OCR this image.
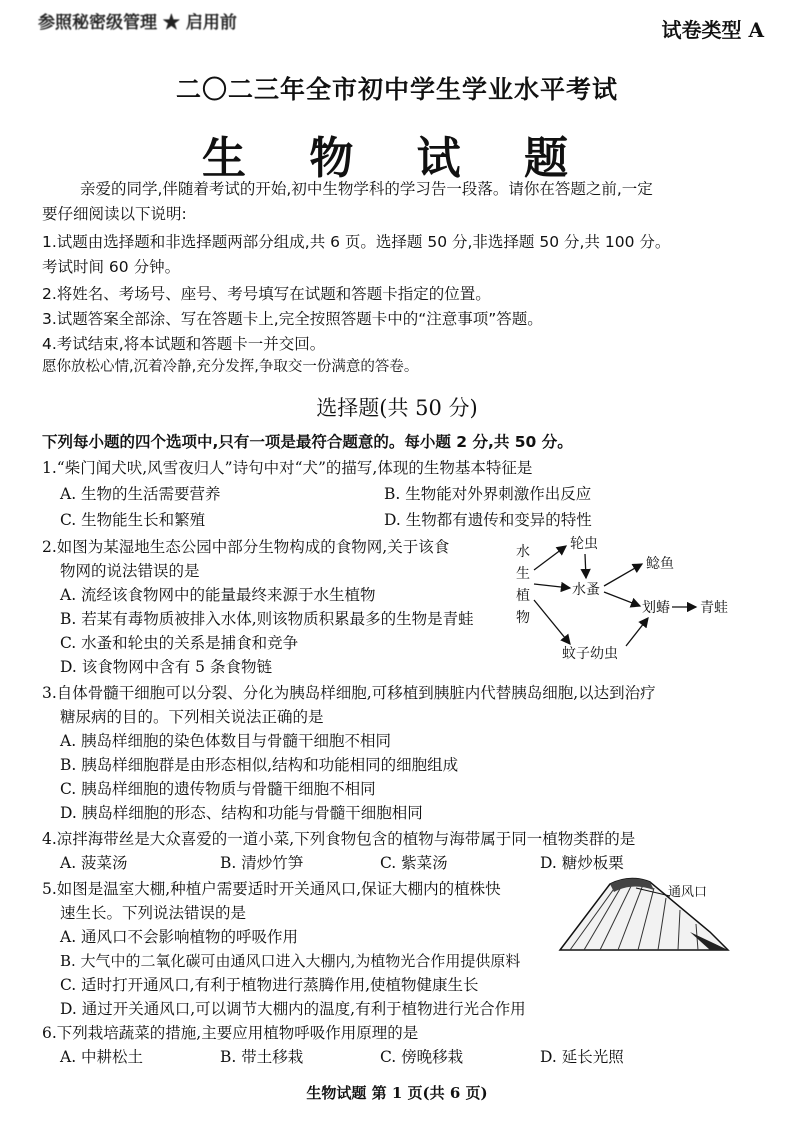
参照秘密级管理 ★ 启用前	试卷类型 A
二〇二三年全市初中学生学业水平考试
生 物 试 题
亲爱的同学,伴随着考试的开始,初中生物学科的学习告一段落。请你在答题之前,一定
要仔细阅读以下说明:
1.试题由选择题和非选择题两部分组成,共 6 页。选择题 50 分,非选择题 50 分,共 100 分。
考试时间 60 分钟。
2.将姓名、考场号、座号、考号填写在试题和答题卡指定的位置。
3.试题答案全部涂、写在答题卡上,完全按照答题卡中的“注意事项”答题。
4.考试结束,将本试题和答题卡一并交回。
愿你放松心情,沉着冷静,充分发挥,争取交一份满意的答卷。
选择题(共 50 分)
下列每小题的四个选项中,只有一项是最符合题意的。每小题 2 分,共 50 分。
1.“柴门闻犬吠,风雪夜归人”诗句中对“犬”的描写,体现的生物基本特征是
A. 生物的生活需要营养	B. 生物能对外界刺激作出反应
C. 生物能生长和繁殖	D. 生物都有遗传和变异的特性
2.如图为某湿地生态公园中部分生物构成的食物网,关于该食
物网的说法错误的是
A. 流经该食物网中的能量最终来源于水生植物
B. 若某有毒物质被排入水体,则该物质积累最多的生物是青蛙
C. 水蚤和轮虫的关系是捕食和竞争
D. 该食物网中含有 5 条食物链
水
生
植
物
轮虫
水蚤
鲶鱼
划蝽 青蛙
蚊子幼虫
3.自体骨髓干细胞可以分裂、分化为胰岛样细胞,可移植到胰脏内代替胰岛细胞,以达到治疗
糖尿病的目的。下列相关说法正确的是
A. 胰岛样细胞的染色体数目与骨髓干细胞不相同
B. 胰岛样细胞群是由形态相似,结构和功能相同的细胞组成
C. 胰岛样细胞的遗传物质与骨髓干细胞不相同
D. 胰岛样细胞的形态、结构和功能与骨髓干细胞相同
4.凉拌海带丝是大众喜爱的一道小菜,下列食物包含的植物与海带属于同一植物类群的是
A. 菠菜汤	B. 清炒竹笋	C. 紫菜汤	D. 糖炒板栗
5.如图是温室大棚,种植户需要适时开关通风口,保证大棚内的植株快
速生长。下列说法错误的是
A. 通风口不会影响植物的呼吸作用
B. 大气中的二氧化碳可由通风口进入大棚内,为植物光合作用提供原料
C. 适时打开通风口,有利于植物进行蒸腾作用,使植物健康生长
D. 通过开关通风口,可以调节大棚内的温度,有利于植物进行光合作用
通风口
6.下列栽培蔬菜的措施,主要应用植物呼吸作用原理的是
A. 中耕松土	B. 带土移栽	C. 傍晚移栽	D. 延长光照
生物试题 第 1 页(共 6 页)
